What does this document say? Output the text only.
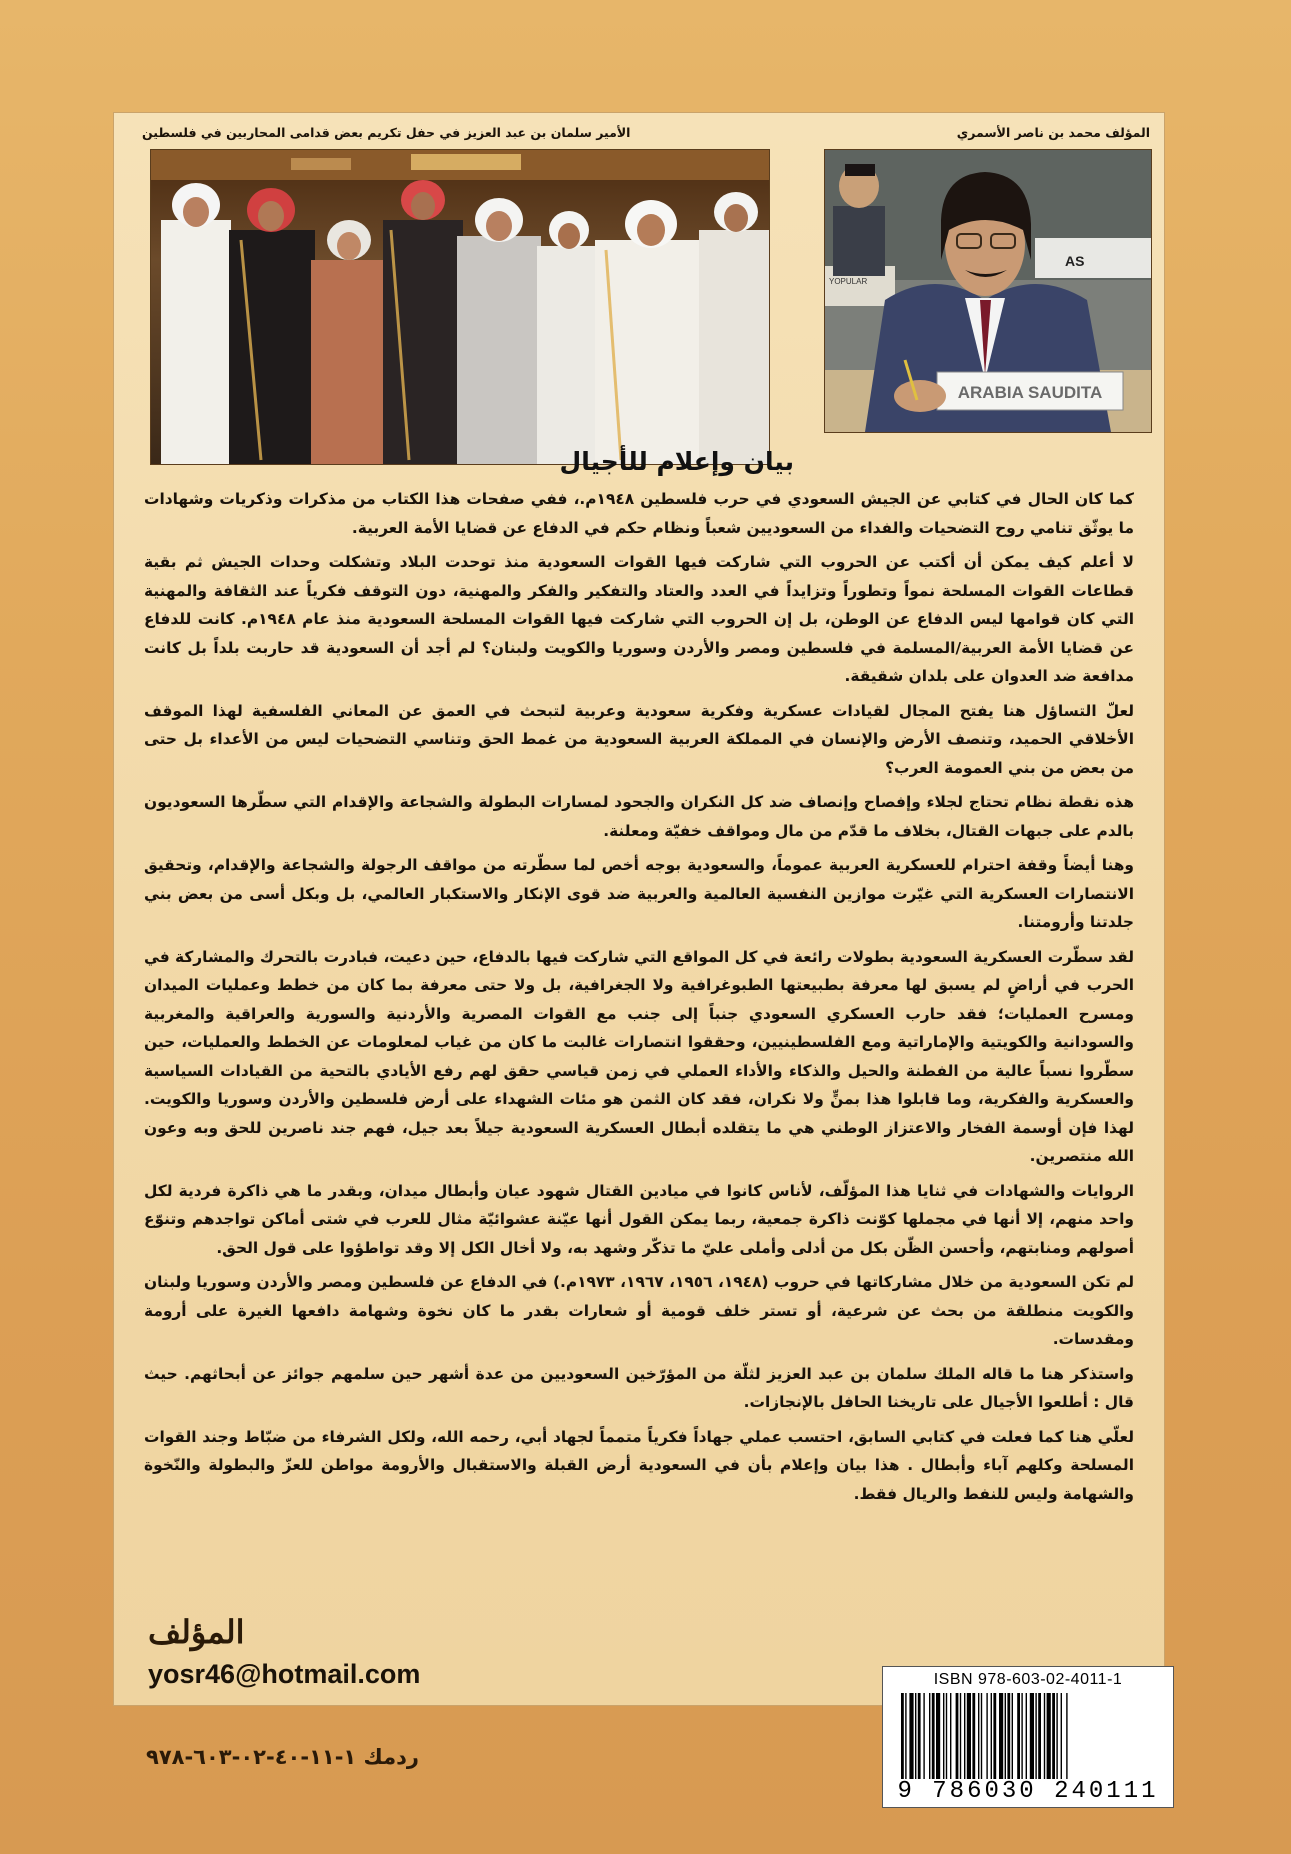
المؤلف محمد بن ناصر الأسمري
الأمير سلمان بن عبد العزيز في حفل تكريم بعض قدامى المحاربين في فلسطين
AS
YOPULAR
ARABIA SAUDITA
بيان وإعلام للأجيال

كما كان الحال في كتابي عن الجيش السعودي في حرب فلسطين ١٩٤٨م.، ففي صفحات هذا الكتاب من مذكرات وذكريات وشهادات ما يوثّق تنامي روح التضحيات والفداء من السعوديين شعباً ونظام حكم في الدفاع عن قضايا الأمة العربية.

لا أعلم كيف يمكن أن أكتب عن الحروب التي شاركت فيها القوات السعودية منذ توحدت البلاد وتشكلت وحدات الجيش ثم بقية قطاعات القوات المسلحة نمواً وتطوراً وتزايداً في العدد والعتاد والتفكير والفكر والمهنية، دون التوقف فكرياً عند الثقافة والمهنية التي كان قوامها ليس الدفاع عن الوطن، بل إن الحروب التي شاركت فيها القوات المسلحة السعودية منذ عام ١٩٤٨م. كانت للدفاع عن قضايا الأمة العربية/المسلمة في فلسطين ومصر والأردن وسوريا والكويت ولبنان؟ لم أجد أن السعودية قد حاربت بلداً بل كانت مدافعة ضد العدوان على بلدان شقيقة.

لعلّ التساؤل هنا يفتح المجال لقيادات عسكرية وفكرية سعودية وعربية لتبحث في العمق عن المعاني الفلسفية لهذا الموقف الأخلاقي الحميد، وتنصف الأرض والإنسان في المملكة العربية السعودية من غمط الحق وتناسي التضحيات ليس من الأعداء بل حتى من بعض من بني العمومة العرب؟

هذه نقطة نظام تحتاج لجلاء وإفصاح وإنصاف ضد كل النكران والجحود لمسارات البطولة والشجاعة والإقدام التي سطّرها السعوديون بالدم على جبهات القتال، بخلاف ما قدّم من مال ومواقف خفيّة ومعلنة.

وهنا أيضاً وقفة احترام للعسكرية العربية عموماً، والسعودية بوجه أخص لما سطّرته من مواقف الرجولة والشجاعة والإقدام، وتحقيق الانتصارات العسكرية التي غيّرت موازين النفسية العالمية والعربية ضد قوى الإنكار والاستكبار العالمي، بل وبكل أسى من بعض بني جلدتنا وأرومتنا.

لقد سطّرت العسكرية السعودية بطولات رائعة في كل المواقع التي شاركت فيها بالدفاع، حين دعيت، فبادرت بالتحرك والمشاركة في الحرب في أراضٍ لم يسبق لها معرفة بطبيعتها الطبوغرافية ولا الجغرافية، بل ولا حتى معرفة بما كان من خطط وعمليات الميدان ومسرح العمليات؛ فقد حارب العسكري السعودي جنباً إلى جنب مع القوات المصرية والأردنية والسورية والعراقية والمغربية والسودانية والكويتية والإماراتية ومع الفلسطينيين، وحققوا انتصارات غالبت ما كان من غياب لمعلومات عن الخطط والعمليات، حين سطّروا نسباً عالية من الفطنة والحيل والذكاء والأداء العملي في زمن قياسي حقق لهم رفع الأيادي بالتحية من القيادات السياسية والعسكرية والفكرية، وما قابلوا هذا بمنٍّ ولا نكران، فقد كان الثمن هو مئات الشهداء على أرض فلسطين والأردن وسوريا والكويت. لهذا فإن أوسمة الفخار والاعتزاز الوطني هي ما يتقلده أبطال العسكرية السعودية جيلاً بعد جيل، فهم جند ناصرين للحق وبه وعون الله منتصرين.

الروايات والشهادات في ثنايا هذا المؤلّف، لأناس كانوا في ميادين القتال شهود عيان وأبطال ميدان، وبقدر ما هي ذاكرة فردية لكل واحد منهم، إلا أنها في مجملها كوّنت ذاكرة جمعية، ربما يمكن القول أنها عيّنة عشوائيّة مثال للعرب في شتى أماكن تواجدهم وتنوّع أصولهم ومنابتهم، وأحسن الظّن بكل من أدلى وأملى عليّ ما تذكّر وشهد به، ولا أخال الكل إلا وقد تواطؤوا على قول الحق.

لم تكن السعودية من خلال مشاركاتها في حروب (١٩٤٨، ١٩٥٦، ١٩٦٧، ١٩٧٣م.) في الدفاع عن فلسطين ومصر والأردن وسوريا ولبنان والكويت منطلقة من بحث عن شرعية، أو تستر خلف قومية أو شعارات بقدر ما كان نخوة وشهامة دافعها الغيرة على أرومة ومقدسات.

واستذكر هنا ما قاله الملك سلمان بن عبد العزيز لثلّة من المؤرّخين السعوديين من عدة أشهر حين سلمهم جوائز عن أبحاثهم. حيث قال : أطلعوا الأجيال على تاريخنا الحافل بالإنجازات.

لعلّي هنا كما فعلت في كتابي السابق، احتسب عملي جهاداً فكرياً متمماً لجهاد أبي، رحمه الله، ولكل الشرفاء من ضبّاط وجند القوات المسلحة وكلهم آباء وأبطال . هذا بيان وإعلام بأن في السعودية أرض القبلة والاستقبال والأرومة مواطن للعزّ والبطولة والنّخوة والشهامة وليس للنفط والريال فقط.

المؤلف
yosr46@hotmail.com	ISBN 978-603-02-4011-1
9 786030 240111
ردمك ١-١١-٤٠-٠٢-٦٠٣-٩٧٨
